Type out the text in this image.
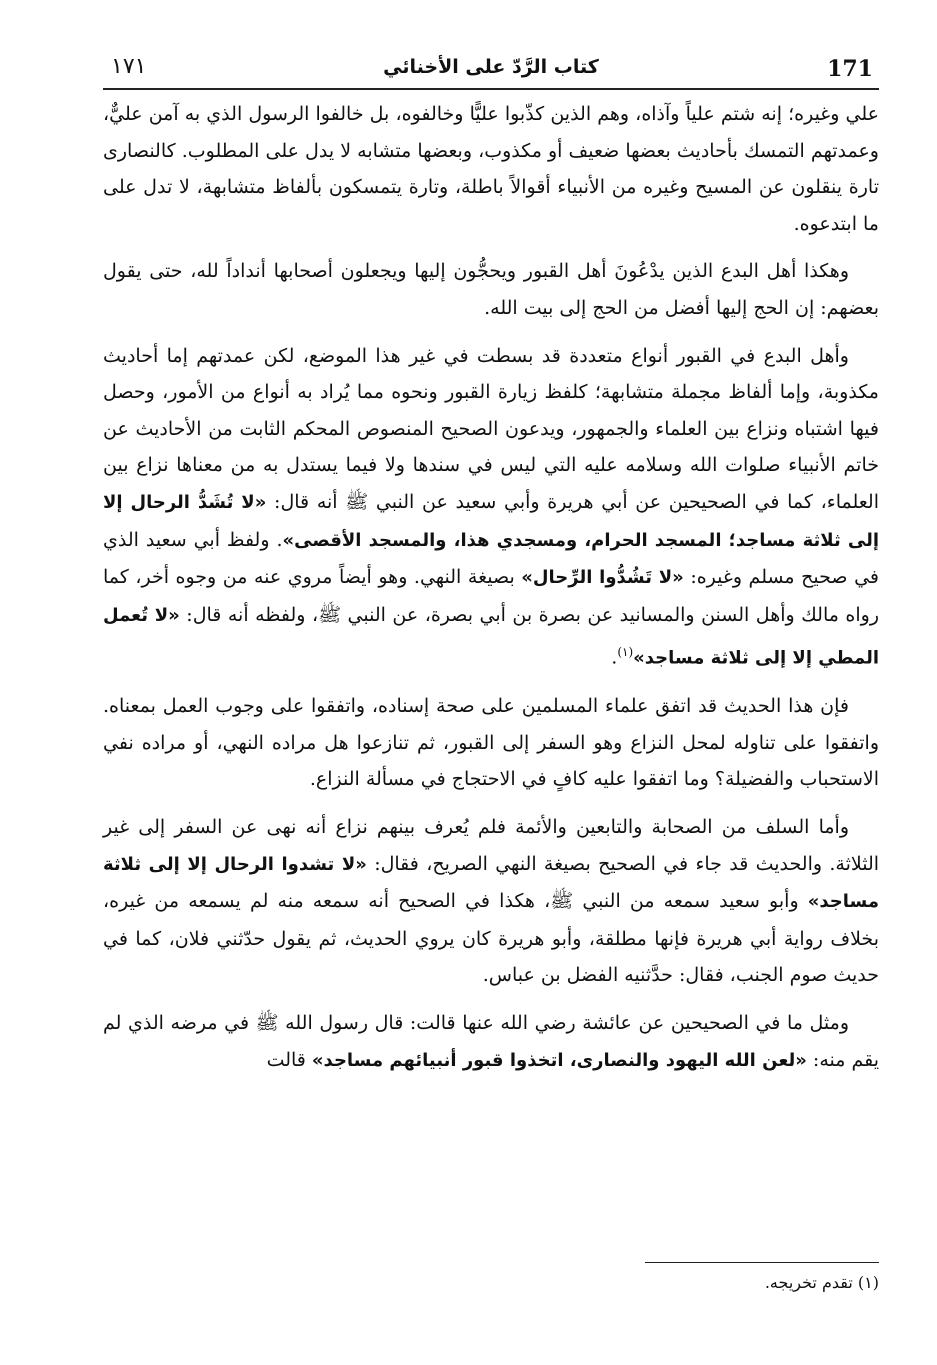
١٧١	كتاب الرَّدّ على الأخنائي	171

علي وغيره؛ إنه شتم علياً وآذاه، وهم الذين كذّبوا عليًّا وخالفوه، بل خالفوا الرسول الذي به آمن عليٌّ، وعمدتهم التمسك بأحاديث بعضها ضعيف أو مكذوب، وبعضها متشابه لا يدل على المطلوب. كالنصارى تارة ينقلون عن المسيح وغيره من الأنبياء أقوالاً باطلة، وتارة يتمسكون بألفاظ متشابهة، لا تدل على ما ابتدعوه.

وهكذا أهل البدع الذين يدْعُونَ أهل القبور ويحجُّون إليها ويجعلون أصحابها أنداداً لله، حتى يقول بعضهم: إن الحج إليها أفضل من الحج إلى بيت الله.

وأهل البدع في القبور أنواع متعددة قد بسطت في غير هذا الموضع، لكن عمدتهم إما أحاديث مكذوبة، وإما ألفاظ مجملة متشابهة؛ كلفظ زيارة القبور ونحوه مما يُراد به أنواع من الأمور، وحصل فيها اشتباه ونزاع بين العلماء والجمهور، ويدعون الصحيح المنصوص المحكم الثابت من الأحاديث عن خاتم الأنبياء صلوات الله وسلامه عليه التي ليس في سندها ولا فيما يستدل به من معناها نزاع بين العلماء، كما في الصحيحين عن أبي هريرة وأبي سعيد عن النبي ﷺ أنه قال: «لا تُشَدُّ الرحال إلا إلى ثلاثة مساجد؛ المسجد الحرام، ومسجدي هذا، والمسجد الأقصى». ولفظ أبي سعيد الذي في صحيح مسلم وغيره: «لا تَشُدُّوا الرِّحال» بصيغة النهي. وهو أيضاً مروي عنه من وجوه أخر، كما رواه مالك وأهل السنن والمسانيد عن بصرة بن أبي بصرة، عن النبي ﷺ، ولفظه أنه قال: «لا تُعمل المطي إلا إلى ثلاثة مساجد»$^{(١)}$.

فإن هذا الحديث قد اتفق علماء المسلمين على صحة إسناده، واتفقوا على وجوب العمل بمعناه. واتفقوا على تناوله لمحل النزاع وهو السفر إلى القبور، ثم تنازعوا هل مراده النهي، أو مراده نفي الاستحباب والفضيلة؟ وما اتفقوا عليه كافٍ في الاحتجاج في مسألة النزاع.

وأما السلف من الصحابة والتابعين والأئمة فلم يُعرف بينهم نزاع أنه نهى عن السفر إلى غير الثلاثة. والحديث قد جاء في الصحيح بصيغة النهي الصريح، فقال: «لا تشدوا الرحال إلا إلى ثلاثة مساجد» وأبو سعيد سمعه من النبي ﷺ، هكذا في الصحيح أنه سمعه منه لم يسمعه من غيره، بخلاف رواية أبي هريرة فإنها مطلقة، وأبو هريرة كان يروي الحديث، ثم يقول حدّثني فلان، كما في حديث صوم الجنب، فقال: حدَّثنيه الفضل بن عباس.

ومثل ما في الصحيحين عن عائشة رضي الله عنها قالت: قال رسول الله ﷺ في مرضه الذي لم يقم منه: «لعن الله اليهود والنصارى، اتخذوا قبور أنبيائهم مساجد» قالت

(١) تقدم تخريجه.
